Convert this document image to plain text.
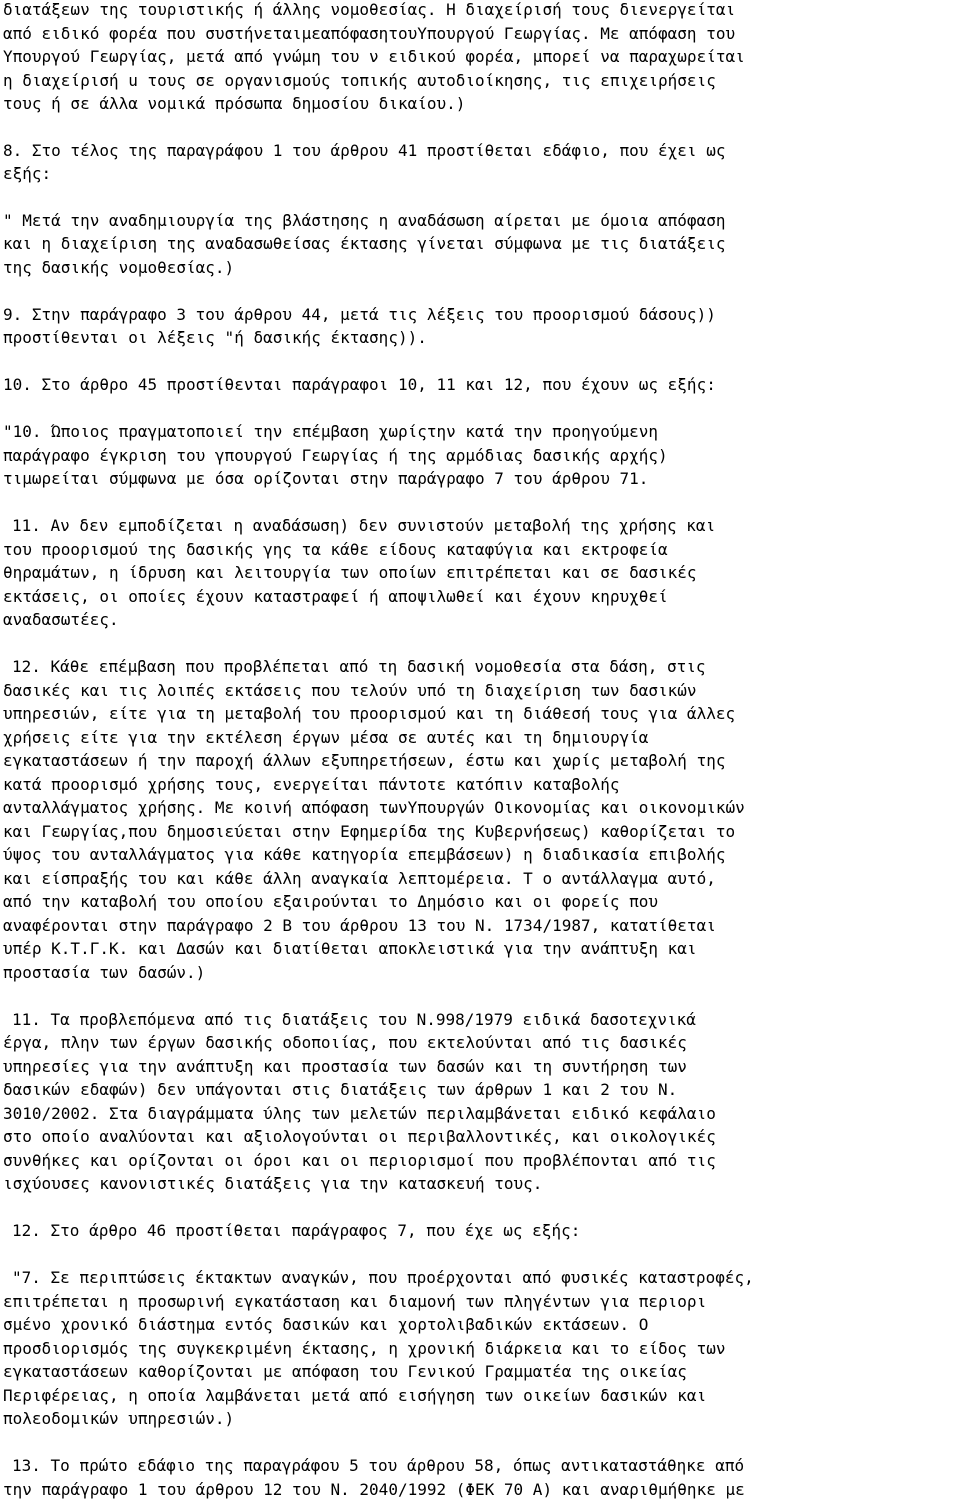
διατάξεων της τουριστικής ή άλλης νομοθεσίας. Η διαχείρισή τους διενεργείται
από ειδικό φορέα που συστήνεταιμεαπόφασητουΥπουργού Γεωργίας. Με απόφαση του
Υπουργού Γεωργίας, μετά από γνώμη του ν ειδικού φορέα, μπορεί να παραχωρείται
η διαχείρισή u τους σε οργανισμούς τοπικής αυτοδιοίκησης, τις επιχειρήσεις
τους ή σε άλλα νομικά πρόσωπα δημοσίου δικαίου.)
8. Στο τέλος της παραγράφου 1 του άρθρου 41 προστίθεται εδάφιο, που έχει ως
εξής:
" Μετά την αναδημιουργία της βλάστησης η αναδάσωση αίρεται με όμοια απόφαση
και η διαχείριση της αναδασωθείσας έκτασης γίνεται σύμφωνα με τις διατάξεις
της δασικής νομοθεσίας.)
9. Στην παράγραφο 3 του άρθρου 44, μετά τις λέξεις του προορισμού δάσους))
προστίθενται οι λέξεις "ή δασικής έκτασης)).
10. Στο άρθρο 45 προστίθενται παράγραφοι 10, 11 και 12, που έχουν ως εξής:
"10. Ώποιος πραγματοποιεί την επέμβαση χωρίςτην κατά την προηγούμενη
παράγραφο έγκριση του γπουργού Γεωργίας ή της αρμόδιας δασικής αρχής)
τιμωρείται σύμφωνα με όσα ορίζονται στην παράγραφο 7 του άρθρου 71.
11. Αν δεν εμποδίζεται η αναδάσωση) δεν συνιστούν μεταβολή της χρήσης και
του προορισμού της δασικής γης τα κάθε είδους καταφύγια και εκτροφεία
θηραμάτων, η ίδρυση και λειτουργία των οποίων επιτρέπεται και σε δασικές
εκτάσεις, οι οποίες έχουν καταστραφεί ή αποψιλωθεί και έχουν κηρυχθεί
αναδασωτέες.
12. Κάθε επέμβαση που προβλέπεται από τη δασική νομοθεσία στα δάση, στις
δασικές και τις λοιπές εκτάσεις που τελούν υπό τη διαχείριση των δασικών
υπηρεσιών, είτε για τη μεταβολή του προορισμού και τη διάθεσή τους για άλλες
χρήσεις είτε για την εκτέλεση έργων μέσα σε αυτές και τη δημιουργία
εγκαταστάσεων ή την παροχή άλλων εξυπηρετήσεων, έστω και χωρίς μεταβολή της
κατά προορισμό χρήσης τους, ενεργείται πάντοτε κατόπιν καταβολής
ανταλλάγματος χρήσης. Με κοινή απόφαση τωνΥπουργών Οικονομίας και οικονομικών
και Γεωργίας,που δημοσιεύεται στην Εφημερίδα της Κυβερνήσεως) καθορίζεται το
ύψος του ανταλλάγματος για κάθε κατηγορία επεμβάσεων) η διαδικασία επιβολής
και είσπραξής του και κάθε άλλη αναγκαία λεπτομέρεια. Τ ο αντάλλαγμα αυτό,
από την καταβολή του οποίου εξαιρούνται το Δημόσιο και οι φορείς που
αναφέρονται στην παράγραφο 2 Β του άρθρου 13 του Ν. 1734/1987, κατατίθεται
υπέρ Κ.Τ.Γ.Κ. και Δασών και διατίθεται αποκλειστικά για την ανάπτυξη και
προστασία των δασών.)
11. Τα προβλεπόμενα από τις διατάξεις του Ν.998/1979 ειδικά δασοτεχνικά
έργα, πλην των έργων δασικής οδοποιίας, που εκτελούνται από τις δασικές
υπηρεσίες για την ανάπτυξη και προστασία των δασών και τη συντήρηση των
δασικών εδαφών) δεν υπάγονται στις διατάξεις των άρθρων 1 και 2 του Ν.
3010/2002. Στα διαγράμματα ύλης των μελετών περιλαμβάνεται ειδικό κεφάλαιο
στο οποίο αναλύονται και αξιολογούνται οι περιβαλλοντικές, και οικολογικές
συνθήκες και ορίζονται οι όροι και οι περιορισμοί που προβλέπονται από τις
ισχύουσες κανονιστικές διατάξεις για την κατασκευή τους.
12. Στο άρθρο 46 προστίθεται παράγραφος 7, που έχε ως εξής:
"7. Σε περιπτώσεις έκτακτων αναγκών, που προέρχονται από φυσικές καταστροφές,
επιτρέπεται η προσωρινή εγκατάσταση και διαμονή των πληγέντων για περιορι
σμένο χρονικό διάστημα εντός δασικών και χορτολιβαδικών εκτάσεων. Ο
προσδιορισμός της συγκεκριμένη έκτασης, η χρονική διάρκεια και το είδος των
εγκαταστάσεων καθορίζονται με απόφαση του Γενικού Γραμματέα της οικείας
Περιφέρειας, η οποία λαμβάνεται μετά από εισήγηση των οικείων δασικών και
πολεοδομικών υπηρεσιών.)
13. Το πρώτο εδάφιο της παραγράφου 5 του άρθρου 58, όπως αντικαταστάθηκε από
την παράγραφο 1 του άρθρου 12 του Ν. 2040/1992 (ΦΕΚ 70 Α) και αναριθμήθηκε με
